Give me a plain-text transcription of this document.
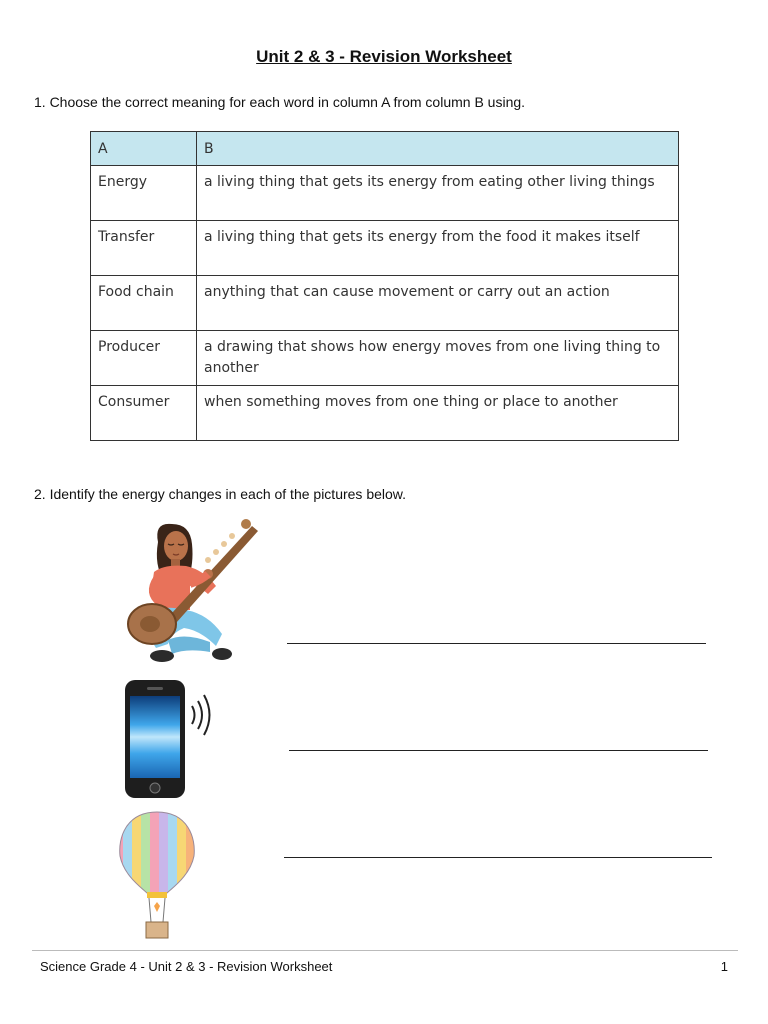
Unit 2 & 3 - Revision Worksheet
1. Choose the correct meaning for each word in column A from column B using.
A	B
Energy	a living thing that gets its energy from eating other living things
Transfer	a living thing that gets its energy from the food it makes itself
Food chain	anything that can cause movement or carry out an action
Producer	a drawing that shows how energy moves from one living thing to another
Consumer	when something moves from one thing or place to another
2. Identify the energy changes in each of the pictures below.
Science Grade 4 - Unit 2 & 3 - Revision Worksheet	1
